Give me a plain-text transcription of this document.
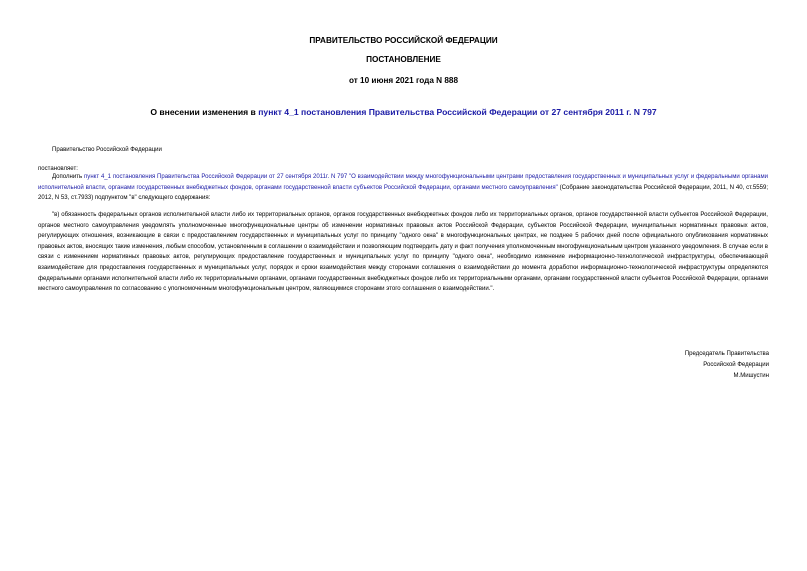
ПРАВИТЕЛЬСТВО РОССИЙСКОЙ ФЕДЕРАЦИИ
ПОСТАНОВЛЕНИЕ
от 10 июня 2021 года N 888
О внесении изменения в пункт 4_1 постановления Правительства Российской Федерации от 27 сентября 2011 г. N 797

Правительство Российской Федерации

постановляет:

Дополнить пункт 4_1 постановления Правительства Российской Федерации от 27 сентября 2011г. N 797 "О взаимодействии между многофункциональными центрами предоставления государственных и муниципальных услуг и федеральными органами исполнительной власти, органами государственных внебюджетных фондов, органами государственной власти субъектов Российской Федерации, органами местного самоуправления" (Собрание законодательства Российской Федерации, 2011, N 40, ст.5559; 2012, N 53, ст.7933) подпунктом "в" следующего содержания:

"в) обязанность федеральных органов исполнительной власти либо их территориальных органов, органов государственных внебюджетных фондов либо их территориальных органов, органов государственной власти субъектов Российской Федерации, органов местного самоуправления уведомлять уполномоченные многофункциональные центры об изменении нормативных правовых актов Российской Федерации, субъектов Российской Федерации, муниципальных нормативных правовых актов, регулирующих отношения, возникающие в связи с предоставлением государственных и муниципальных услуг по принципу "одного окна" в многофункциональных центрах, не позднее 5 рабочих дней после официального опубликования нормативных правовых актов, вносящих такие изменения, любым способом, установленным в соглашении о взаимодействии и позволяющим подтвердить дату и факт получения уполномоченным многофункциональным центром указанного уведомления. В случае если в связи с изменением нормативных правовых актов, регулирующих предоставление государственных и муниципальных услуг по принципу "одного окна", необходимо изменение информационно-технологической инфраструктуры, обеспечивающей взаимодействие для предоставления государственных и муниципальных услуг, порядок и сроки взаимодействия между сторонами соглашения о взаимодействии до момента доработки информационно-технологической инфраструктуры определяются федеральными органами исполнительной власти либо их территориальными органами, органами государственных внебюджетных фондов либо их территориальными органами, органами государственной власти субъектов Российской Федерации, органами местного самоуправления по согласованию с уполномоченным многофункциональным центром, являющимися сторонами этого соглашения о взаимодействии.".

Председатель Правительства
Российской Федерации
М.Мишустин
